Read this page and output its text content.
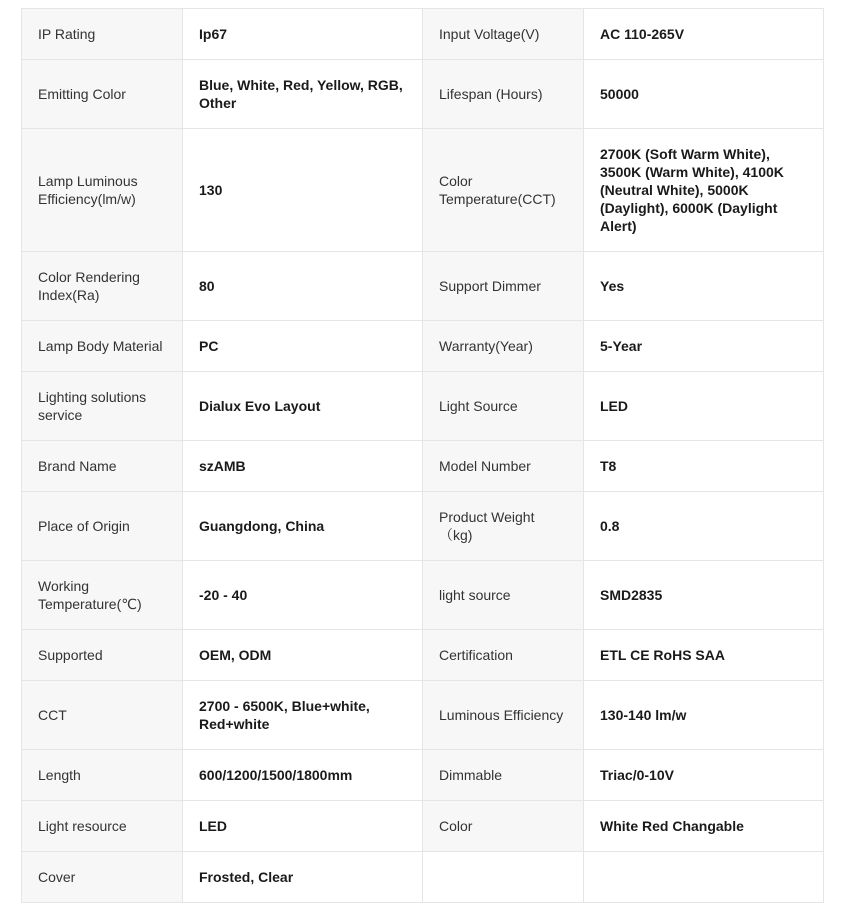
IP Rating	Ip67	Input Voltage(V)	AC 110-265V
Emitting Color	Blue, White, Red, Yellow, RGB, Other	Lifespan (Hours)	50000
Lamp Luminous Efficiency(lm/w)	130	Color Temperature(CCT)	2700K (Soft Warm White), 3500K (Warm White), 4100K (Neutral White), 5000K (Daylight), 6000K (Daylight Alert)
Color Rendering Index(Ra)	80	Support Dimmer	Yes
Lamp Body Material	PC	Warranty(Year)	5-Year
Lighting solutions service	Dialux Evo Layout	Light Source	LED
Brand Name	szAMB	Model Number	T8
Place of Origin	Guangdong, China	Product Weight （kg)	0.8
Working Temperature(℃)	-20 - 40	light source	SMD2835
Supported	OEM, ODM	Certification	ETL CE RoHS SAA
CCT	2700 - 6500K, Blue+white, Red+white	Luminous Efficiency	130-140 lm/w
Length	600/1200/1500/1800mm	Dimmable	Triac/0-10V
Light resource	LED	Color	White Red Changable
Cover	Frosted, Clear		
